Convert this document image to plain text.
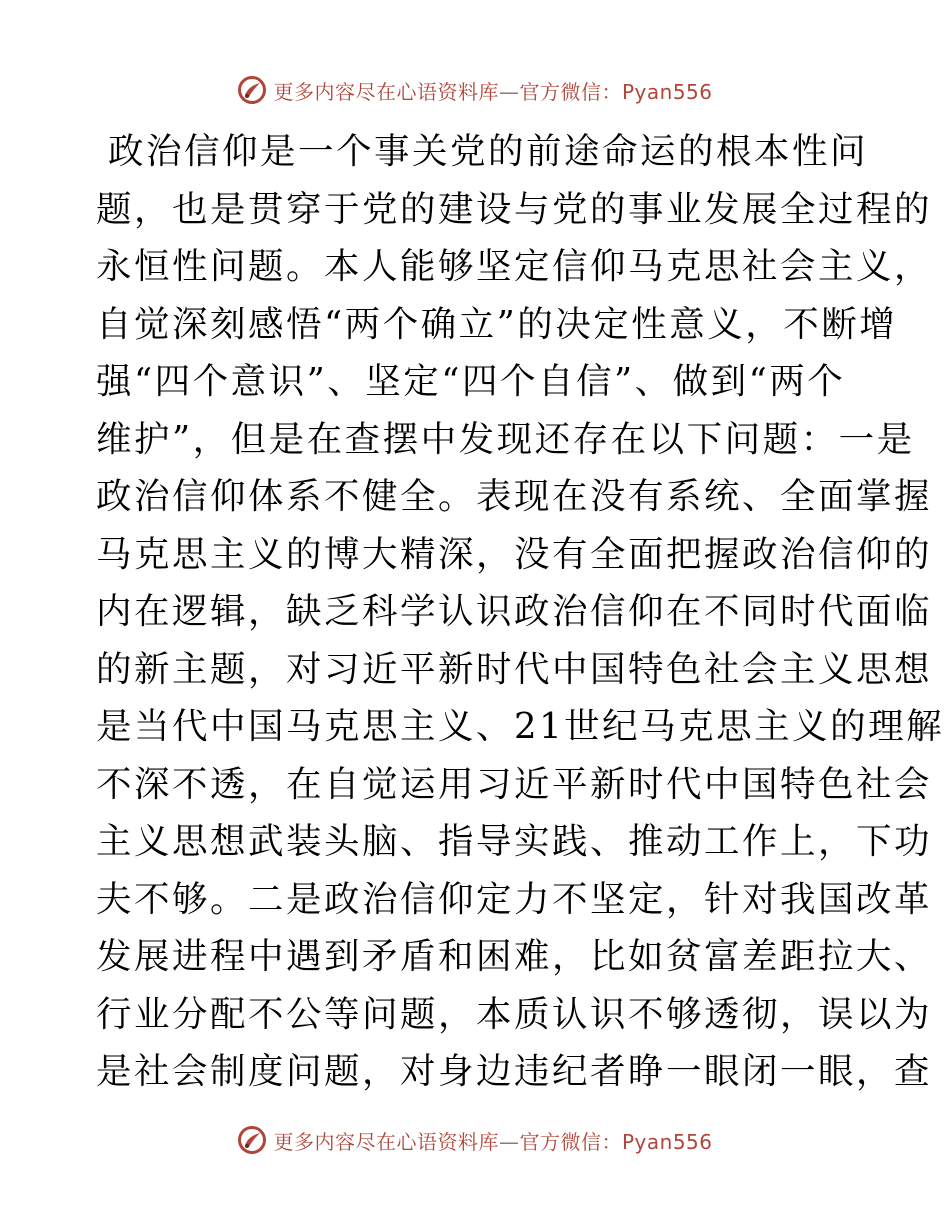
更多内容尽在心语资料库—官方微信：Pyan556
政治信仰是一个事关党的前途命运的根本性问
题，也是贯穿于党的建设与党的事业发展全过程的
永恒性问题。本人能够坚定信仰马克思社会主义，
自觉深刻感悟“两个确立”的决定性意义，不断增
强“四个意识”、坚定“四个自信”、做到“两个
维护”，但是在查摆中发现还存在以下问题：一是
政治信仰体系不健全。表现在没有系统、全面掌握
马克思主义的博大精深，没有全面把握政治信仰的
内在逻辑，缺乏科学认识政治信仰在不同时代面临
的新主题，对习近平新时代中国特色社会主义思想
是当代中国马克思主义、21世纪马克思主义的理解
不深不透，在自觉运用习近平新时代中国特色社会
主义思想武装头脑、指导实践、推动工作上，下功
夫不够。二是政治信仰定力不坚定，针对我国改革
发展进程中遇到矛盾和困难，比如贫富差距拉大、
行业分配不公等问题，本质认识不够透彻，误以为
是社会制度问题，对身边违纪者睁一眼闭一眼，查
更多内容尽在心语资料库—官方微信：Pyan556
